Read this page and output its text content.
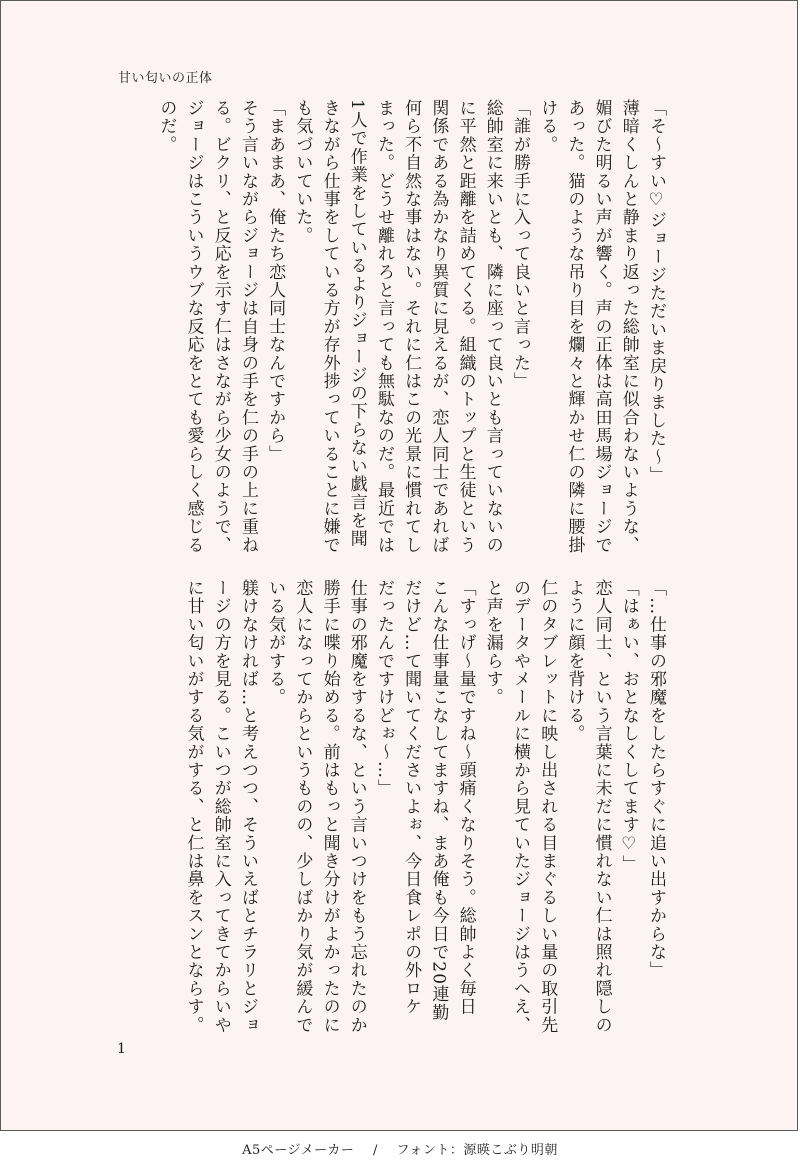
甘い匂いの正体

「そ〜すい♡ジョージただいま戻りました〜」

薄暗くしんと静まり返った総帥室に似合わないような、

媚びた明るい声が響く。声の正体は高田馬場ジョージで

あった。猫のような吊り目を爛々と輝かせ仁の隣に腰掛

ける。

「誰が勝手に入って良いと言った」

総帥室に来いとも、隣に座って良いとも言っていないの

に平然と距離を詰めてくる。組織のトップと生徒という

関係である為かなり異質に見えるが、恋人同士であれば

何ら不自然な事はない。それに仁はこの光景に慣れてし

まった。どうせ離れろと言っても無駄なのだ。最近では

1人で作業をしているよりジョージの下らない戯言を聞

きながら仕事をしている方が存外捗っていることに嫌で

も気づいていた。

「まあまあ、俺たち恋人同士なんですから」

そう言いながらジョージは自身の手を仁の手の上に重ね

る。ビクリ、と反応を示す仁はさながら少女のようで、

ジョージはこういうウブな反応をとても愛らしく感じる

のだ。

「…仕事の邪魔をしたらすぐに追い出すからな」

「はぁい、おとなしくしてます♡」

恋人同士、という言葉に未だに慣れない仁は照れ隠しの

ように顔を背ける。

仁のタブレットに映し出される目まぐるしい量の取引先

のデータやメールに横から見ていたジョージはうへえ、

と声を漏らす。

「すっげ〜量ですね〜頭痛くなりそう。総帥よく毎日

こんな仕事量こなしてますね、まあ俺も今日で20連勤

だけど…て聞いてくださいよぉ、今日食レポの外ロケ

だったんですけどぉ〜…」

仕事の邪魔をするな、という言いつけをもう忘れたのか

勝手に喋り始める。前はもっと聞き分けがよかったのに

恋人になってからというものの、少しばかり気が緩んで

いる気がする。

躾けなければ…と考えつつ、そういえばとチラリとジョ

ージの方を見る。こいつが総帥室に入ってきてからいや

に甘い匂いがする気がする、と仁は鼻をスンとならす。

1
A5ページメーカー / フォント：源暎こぶり明朝
